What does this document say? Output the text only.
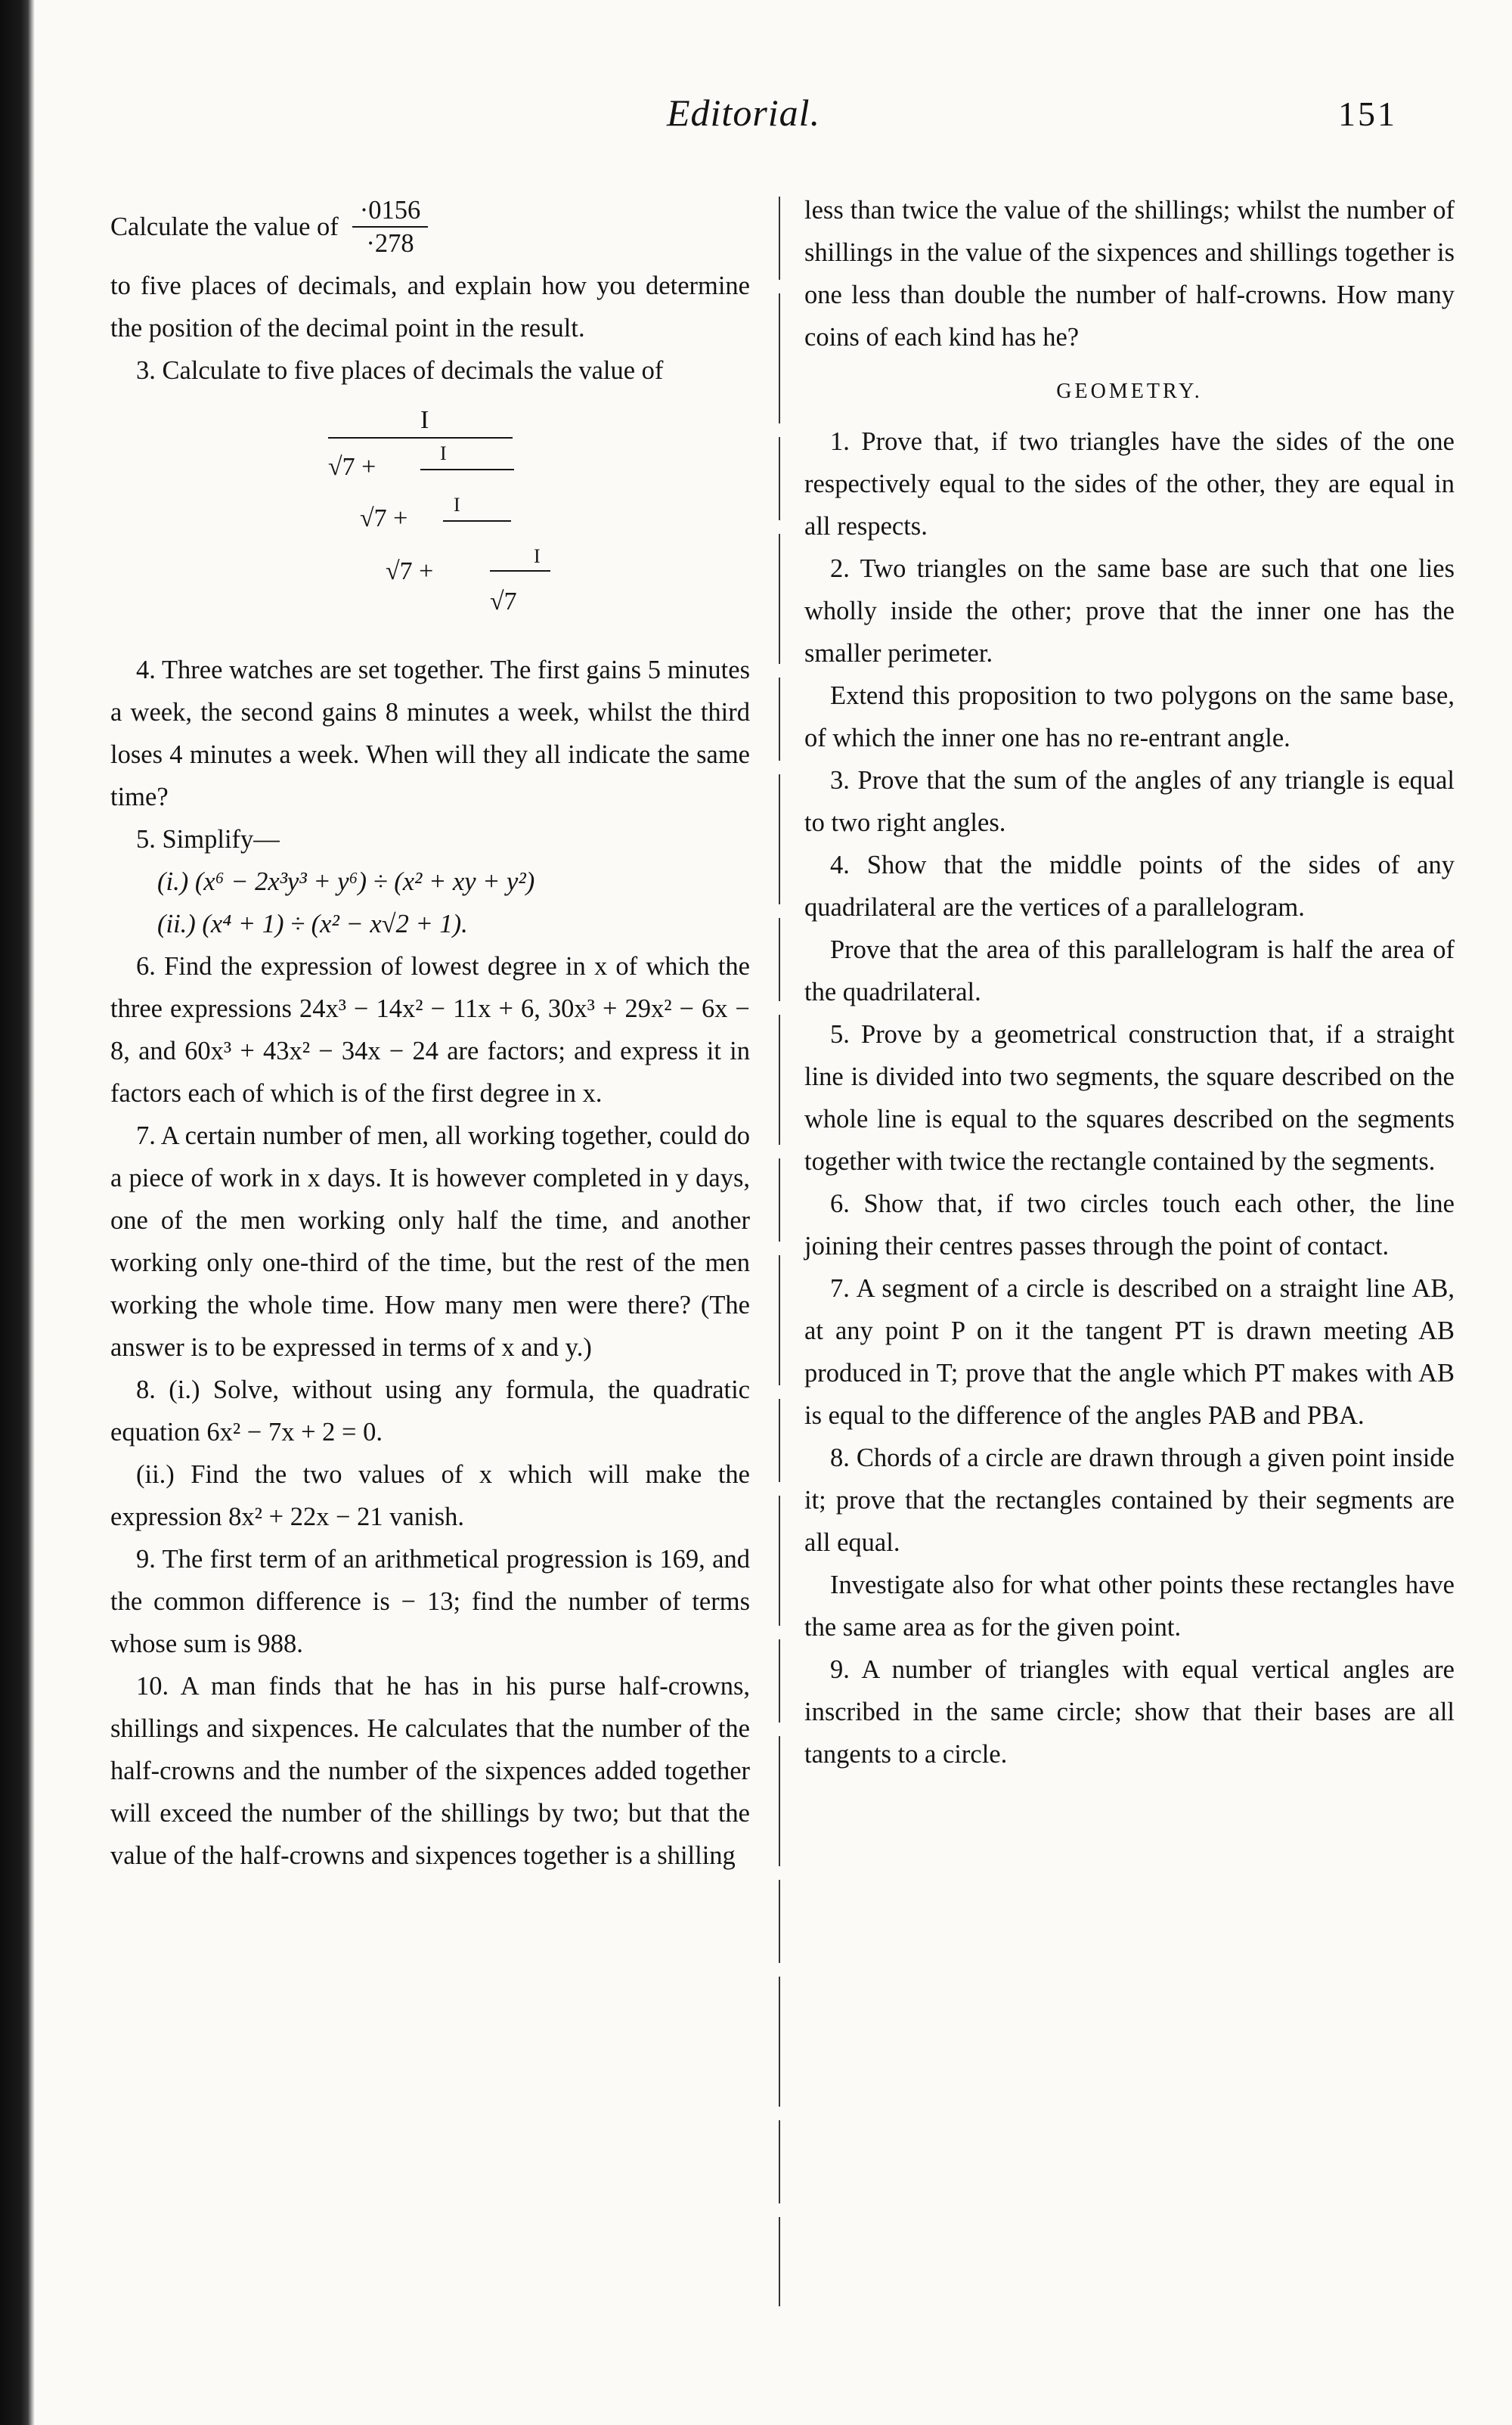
Editorial.	151
Calculate the value of $\frac{\cdot 0156}{\cdot 278}$

to five places of decimals, and explain how you determine the position of the decimal point in the result.

3. Calculate to five places of decimals the value of

I
√7 +	I
√7 + I
√7 +
I
√7

4. Three watches are set together. The first gains 5 minutes a week, the second gains 8 minutes a week, whilst the third loses 4 minutes a week. When will they all indicate the same time?

5. Simplify—

(i.) (x⁶ − 2x³y³ + y⁶) ÷ (x² + xy + y²)

(ii.) (x⁴ + 1) ÷ (x² − x√2 + 1).

6. Find the expression of lowest degree in x of which the three expressions 24x³ − 14x² − 11x + 6, 30x³ + 29x² − 6x − 8, and 60x³ + 43x² − 34x − 24 are factors; and express it in factors each of which is of the first degree in x.

7. A certain number of men, all working together, could do a piece of work in x days. It is however completed in y days, one of the men working only half the time, and another working only one-third of the time, but the rest of the men working the whole time. How many men were there? (The answer is to be expressed in terms of x and y.)

8. (i.) Solve, without using any formula, the quadratic equation 6x² − 7x + 2 = 0.

(ii.) Find the two values of x which will make the expression 8x² + 22x − 21 vanish.

9. The first term of an arithmetical progression is 169, and the common difference is − 13; find the number of terms whose sum is 988.

10. A man finds that he has in his purse half-crowns, shillings and sixpences. He calculates that the number of the half-crowns and the number of the sixpences added together will exceed the number of the shillings by two; but that the value of the half-crowns and sixpences together is a shilling

less than twice the value of the shillings; whilst the number of shillings in the value of the sixpences and shillings together is one less than double the number of half-crowns. How many coins of each kind has he?

GEOMETRY.

1. Prove that, if two triangles have the sides of the one respectively equal to the sides of the other, they are equal in all respects.

2. Two triangles on the same base are such that one lies wholly inside the other; prove that the inner one has the smaller perimeter.

Extend this proposition to two polygons on the same base, of which the inner one has no re-entrant angle.

3. Prove that the sum of the angles of any triangle is equal to two right angles.

4. Show that the middle points of the sides of any quadrilateral are the vertices of a parallelogram.

Prove that the area of this parallelogram is half the area of the quadrilateral.

5. Prove by a geometrical construction that, if a straight line is divided into two segments, the square described on the whole line is equal to the squares described on the segments together with twice the rectangle contained by the segments.

6. Show that, if two circles touch each other, the line joining their centres passes through the point of contact.

7. A segment of a circle is described on a straight line AB, at any point P on it the tangent PT is drawn meeting AB produced in T; prove that the angle which PT makes with AB is equal to the difference of the angles PAB and PBA.

8. Chords of a circle are drawn through a given point inside it; prove that the rectangles contained by their segments are all equal.

Investigate also for what other points these rectangles have the same area as for the given point.

9. A number of triangles with equal vertical angles are inscribed in the same circle; show that their bases are all tangents to a circle.
